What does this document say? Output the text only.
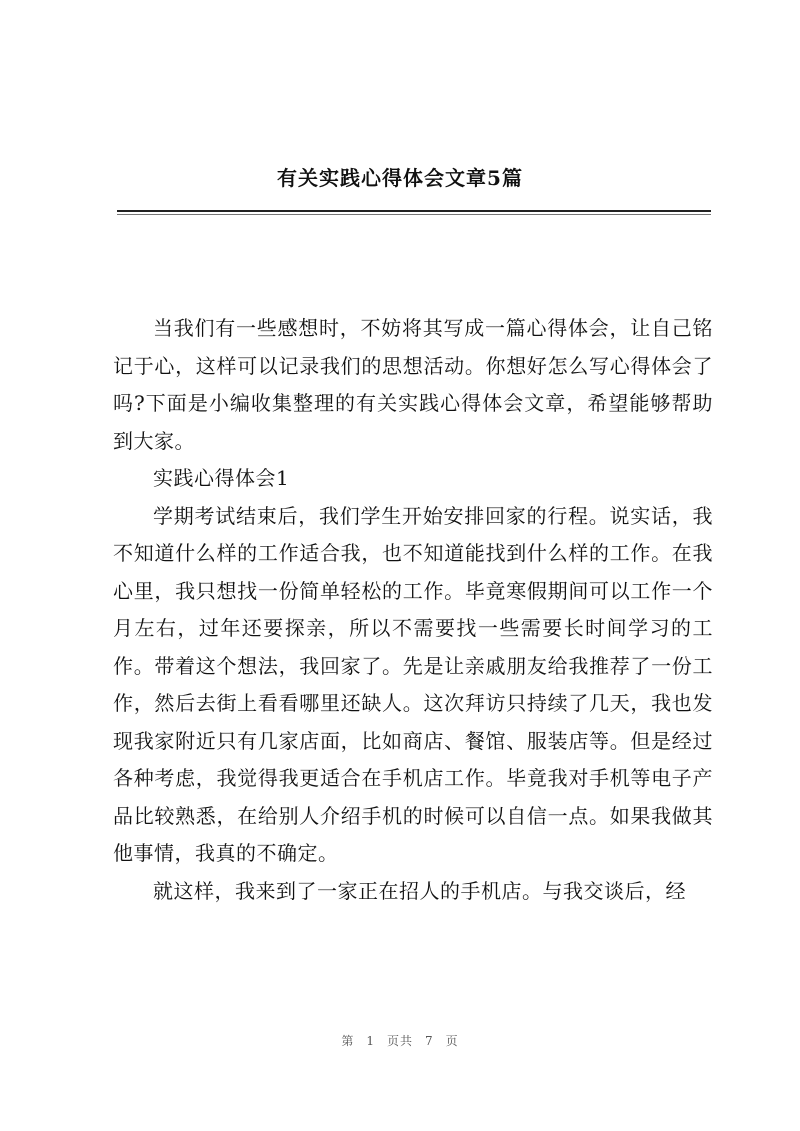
有关实践心得体会文章5篇

当我们有一些感想时，不妨将其写成一篇心得体会，让自己铭记于心，这样可以记录我们的思想活动。你想好怎么写心得体会了吗?下面是小编收集整理的有关实践心得体会文章，希望能够帮助到大家。

实践心得体会1

学期考试结束后，我们学生开始安排回家的行程。说实话，我不知道什么样的工作适合我，也不知道能找到什么样的工作。在我心里，我只想找一份简单轻松的工作。毕竟寒假期间可以工作一个月左右，过年还要探亲，所以不需要找一些需要长时间学习的工作。带着这个想法，我回家了。先是让亲戚朋友给我推荐了一份工作，然后去街上看看哪里还缺人。这次拜访只持续了几天，我也发现我家附近只有几家店面，比如商店、餐馆、服装店等。但是经过各种考虑，我觉得我更适合在手机店工作。毕竟我对手机等电子产品比较熟悉，在给别人介绍手机的时候可以自信一点。如果我做其他事情，我真的不确定。

就这样，我来到了一家正在招人的手机店。与我交谈后，经

第 1 页共 7 页
